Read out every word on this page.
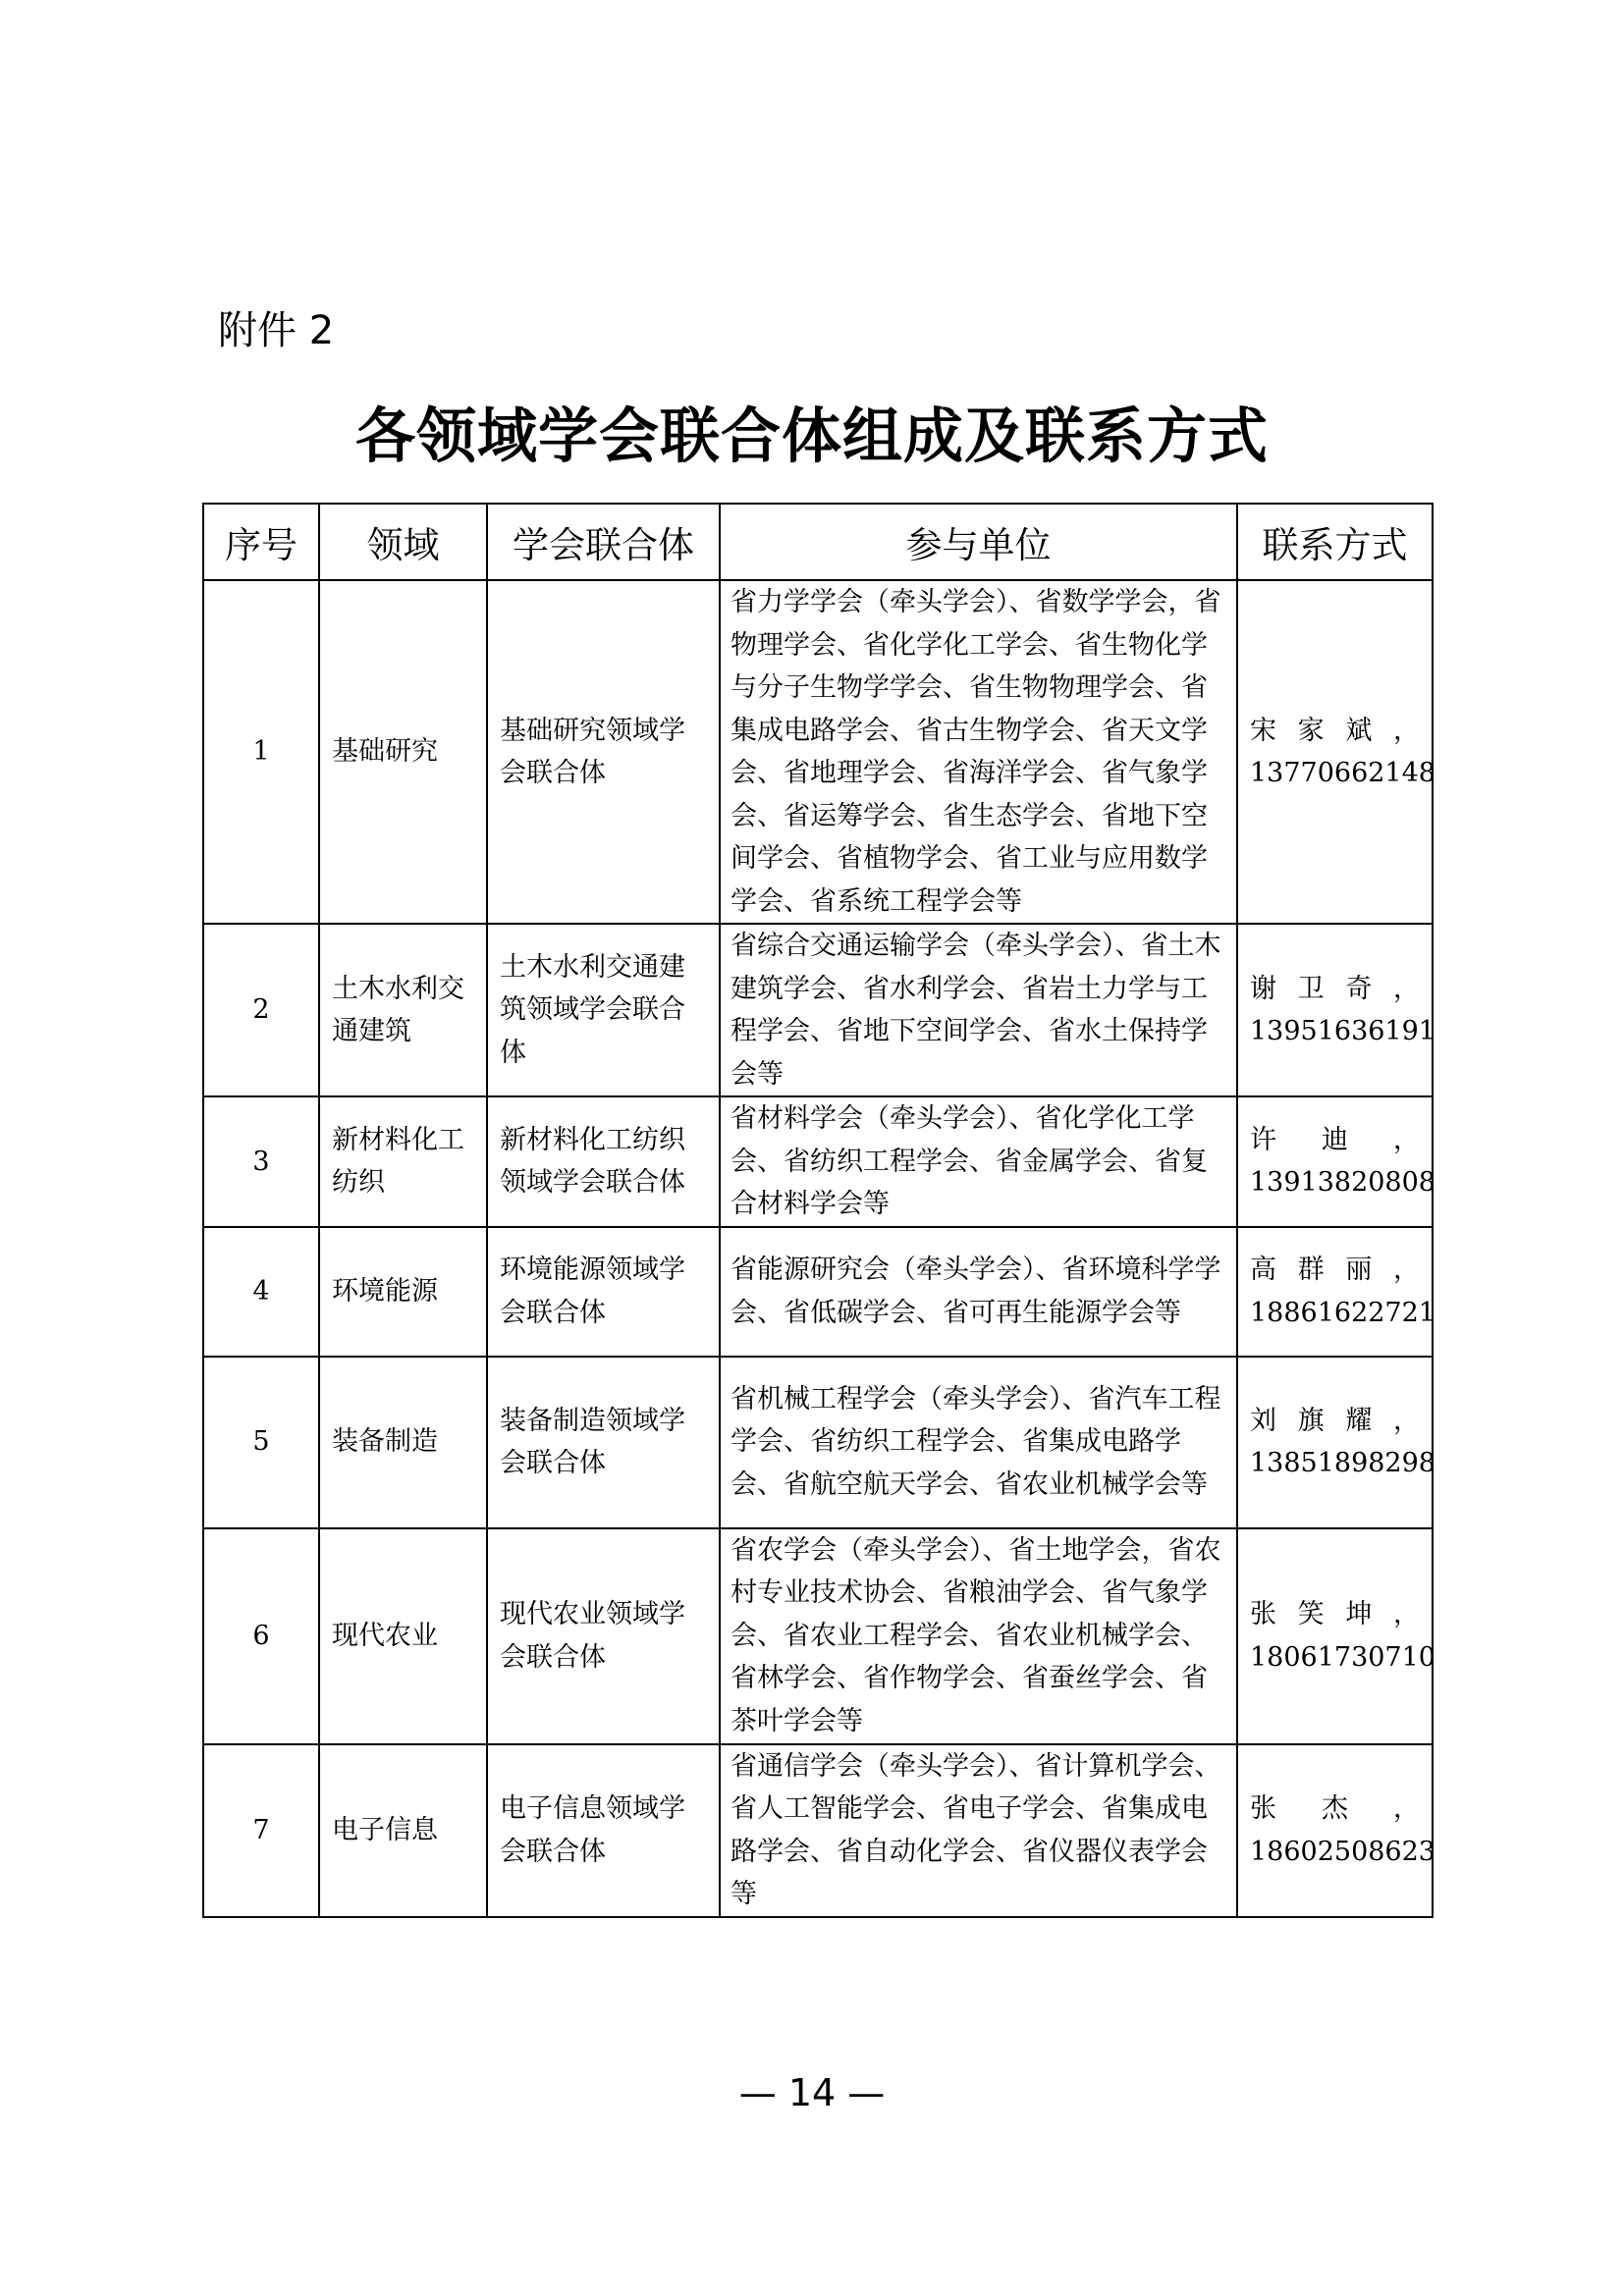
附件 2
各领域学会联合体组成及联系方式
序号	领域	学会联合体	参与单位	联系方式
1	基础研究	基础研究领域学会联合体	省力学学会（牵头学会）、省数学学会，省物理学会、省化学化工学会、省生物化学与分子生物学学会、省生物物理学会、省集成电路学会、省古生物学会、省天文学会、省地理学会、省海洋学会、省气象学会、省运筹学会、省生态学会、省地下空间学会、省植物学会、省工业与应用数学学会、省系统工程学会等	宋家斌，
13770662148

2	土木水利交通建筑	土木水利交通建筑领域学会联合体	省综合交通运输学会（牵头学会）、省土木建筑学会、省水利学会、省岩土力学与工程学会、省地下空间学会、省水土保持学会等	谢卫奇，
13951636191

3	新材料化工纺织	新材料化工纺织领域学会联合体	省材料学会（牵头学会）、省化学化工学会、省纺织工程学会、省金属学会、省复合材料学会等	许迪，
13913820808

4	环境能源	环境能源领域学会联合体	省能源研究会（牵头学会）、省环境科学学会、省低碳学会、省可再生能源学会等	高群丽，
18861622721

5	装备制造	装备制造领域学会联合体	省机械工程学会（牵头学会）、省汽车工程学会、省纺织工程学会、省集成电路学会、省航空航天学会、省农业机械学会等	刘旗耀，
13851898298

6	现代农业	现代农业领域学会联合体	省农学会（牵头学会）、省土地学会，省农村专业技术协会、省粮油学会、省气象学会、省农业工程学会、省农业机械学会、省林学会、省作物学会、省蚕丝学会、省茶叶学会等	张笑坤，
18061730710

7	电子信息	电子信息领域学会联合体	省通信学会（牵头学会）、省计算机学会、省人工智能学会、省电子学会、省集成电路学会、省自动化学会、省仪器仪表学会等	张杰，
18602508623
— 14 —
